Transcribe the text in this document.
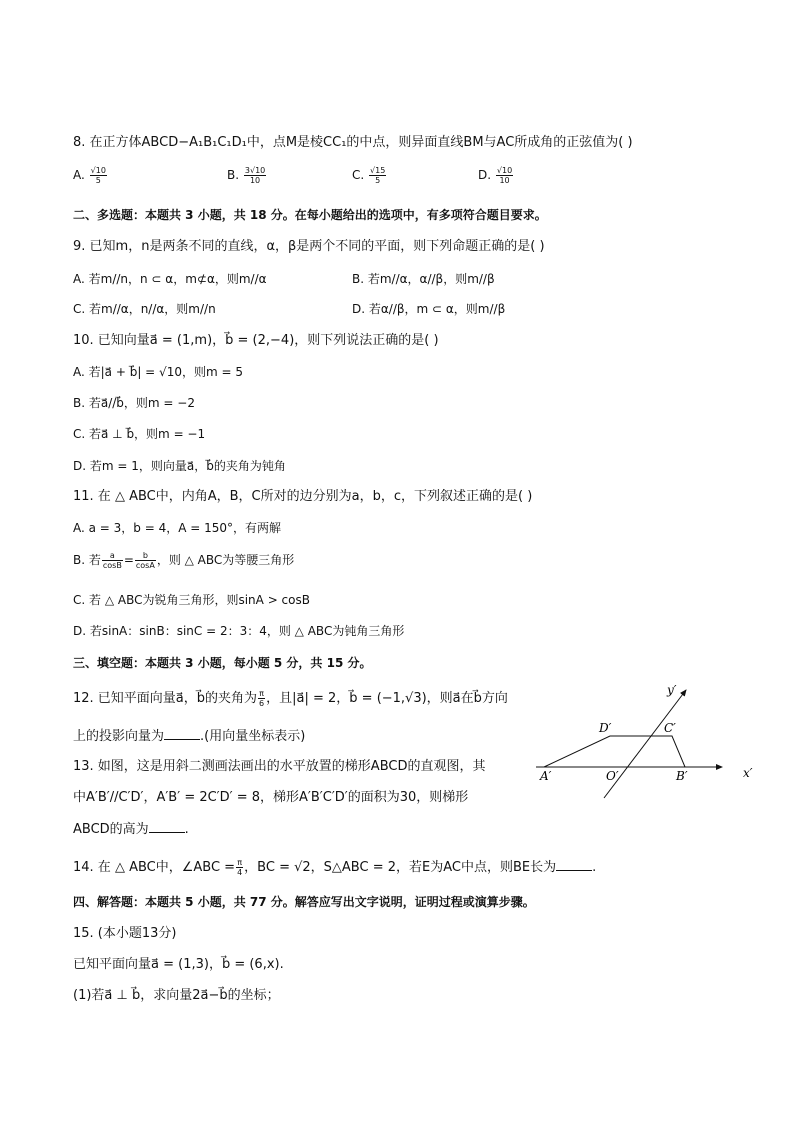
8. 在正方体ABCD−A₁B₁C₁D₁中，点M是棱CC₁的中点，则异面直线BM与AC所成角的正弦值为( )
A. $\frac{√10}{5}$	B. $\frac{3√10}{10}$	C. $\frac{√15}{5}$	D. $\frac{√10}{10}$
二、多选题：本题共 3 小题，共 18 分。在每小题给出的选项中，有多项符合题目要求。
9. 已知m，n是两条不同的直线，α，β是两个不同的平面，则下列命题正确的是( )
A. 若m//n，n ⊂ α，m⊄α，则m//α	B. 若m//α，α//β，则m//β
C. 若m//α，n//α，则m//n	D. 若α//β，m ⊂ α，则m//β
10. 已知向量a⃗ = (1,m)，b⃗ = (2,−4)，则下列说法正确的是( )
A. 若|a⃗ + b⃗| = √10，则m = 5
B. 若a⃗//b⃗，则m = −2
C. 若a⃗ ⊥ b⃗，则m = −1
D. 若m = 1，则向量a⃗，b⃗的夹角为钝角
11. 在 △ ABC中，内角A，B，C所对的边分别为a，b，c，下列叙述正确的是( )
A. a = 3，b = 4，A = 150°，有两解
B. 若 $\frac{a}{\cos B} = \frac{b}{\cos A}$ ，则 △ ABC为等腰三角形
C. 若 △ ABC为锐角三角形，则sinA > cosB
D. 若sinA：sinB：sinC = 2：3：4，则 △ ABC为钝角三角形
三、填空题：本题共 3 小题，每小题 5 分，共 15 分。
12. 已知平面向量a⃗，b⃗的夹角为 $\frac{\pi}{6}$ ，且|a⃗| = 2，b⃗ = (−1,√3)，则a⃗在b⃗方向
上的投影向量为	.(用向量坐标表示)
13. 如图，这是用斜二测画法画出的水平放置的梯形ABCD的直观图，其
中A′B′//C′D′，A′B′ = 2C′D′ = 8，梯形A′B′C′D′的面积为30，则梯形
ABCD的高为	.
A′	B′
C′
D′
O′	x′
y′
14. 在 △ ABC中，∠ABC = $\frac{\pi}{4}$ ，BC = √2，S△ABC = 2，若E为AC中点，则BE长为	.
四、解答题：本题共 5 小题，共 77 分。解答应写出文字说明，证明过程或演算步骤。
15. (本小题13分)
已知平面向量a⃗ = (1,3)，b⃗ = (6,x).
(1)若a⃗ ⊥ b⃗，求向量2a⃗−b⃗的坐标；
